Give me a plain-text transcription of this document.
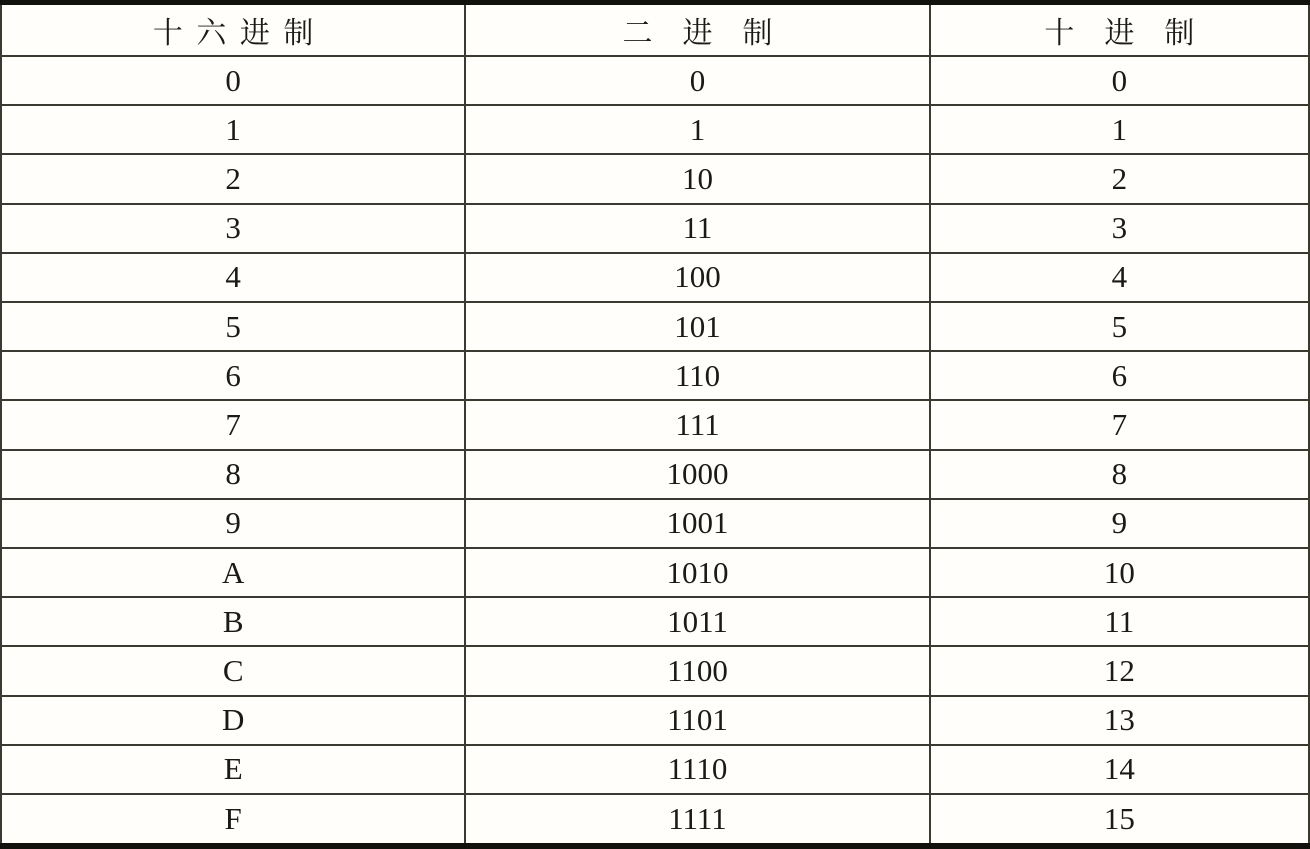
十六进制	二进制	十进制
0	0	0
1	1	1
2	10	2
3	11	3
4	100	4
5	101	5
6	110	6
7	111	7
8	1000	8
9	1001	9
A	1010	10
B	1011	11
C	1100	12
D	1101	13
E	1110	14
F	1111	15
